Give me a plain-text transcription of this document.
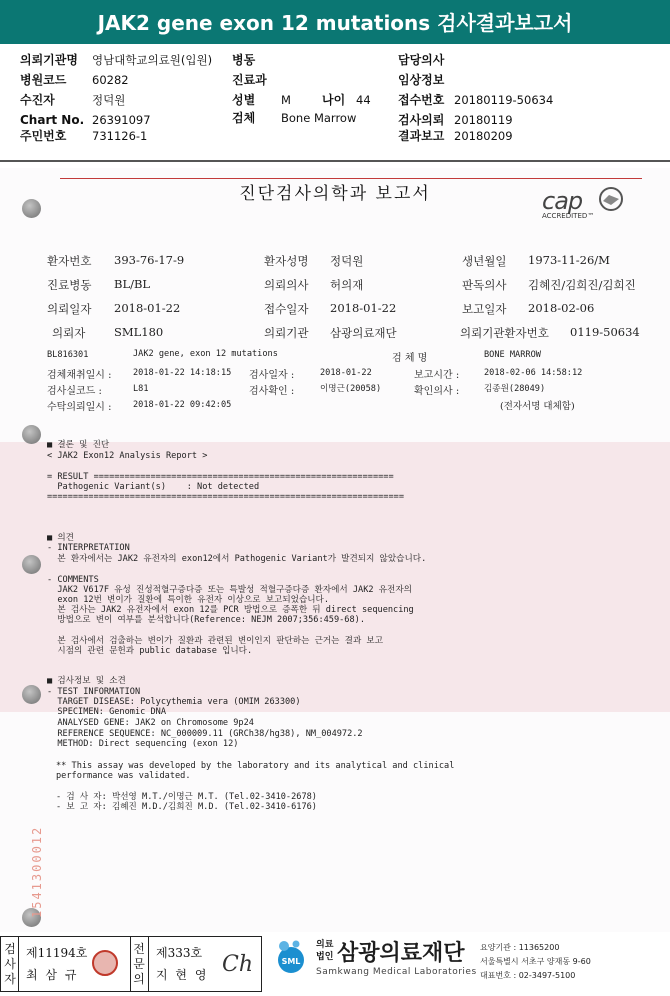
JAK2 gene exon 12 mutations 검사결과보고서
의뢰기관명 영남대학교의료원(입원)
병원코드 60282
수진자	정덕원
Chart No. 26391097
주민번호 731126-1
병동
진료과
성별 M	나이 44
검체 Bone Marrow
담당의사
임상정보
접수번호 20180119-50634
검사의뢰 20180119
결과보고 20180209
진단검사의학과 보고서	cap
ACCREDITED™
환자번호 393-76-17-9	환자성명 정덕원	생년월일 1973-11-26/M
진료병동 BL/BL	의뢰의사 허의재	판독의사 김혜진/김희진/김희진
의뢰일자 2018-01-22	접수일자 2018-01-22	보고일자 2018-02-06
의뢰자 SML180	의뢰기관 삼광의료재단	의뢰기관환자번호 0119-50634
BL816301	JAK2 gene, exon 12 mutations	검 체 명	BONE MARROW
검체채취일시 : 2018-01-22 14:18:15 검사일자 :	2018-01-22	보고시간 :	2018-02-06 14:58:12
검사실코드 :	L81	검사확인 :	이명근(20058)	확인의사 :	김종원(28049)
수탁의뢰일시 : 2018-01-22 09:42:05	(전자서명 대체함)
■ 결론 및 진단
< JAK2 Exon12 Analysis Report >
= RESULT ==========================================================
Pathogenic Variant(s)    : Not detected
=====================================================================
■ 의견
- INTERPRETATION
본 환자에서는 JAK2 유전자의 exon12에서 Pathogenic Variant가 발견되지 않았습니다.
- COMMENTS
JAK2 V617F 유성 진성적혈구증다증 또는 특발성 적혈구증다증 환자에서 JAK2 유전자의
exon 12번 변이가 질환에 특이한 유전자 이상으로 보고되었습니다.
본 검사는 JAK2 유전자에서 exon 12를 PCR 방법으로 증폭한 뒤 direct sequencing
방법으로 변이 여부를 분석합니다(Reference: NEJM 2007;356:459-68).
본 검사에서 검출하는 변이가 질환과 관련된 변이인지 판단하는 근거는 결과 보고
시점의 관련 문헌과 public database 입니다.
■ 검사정보 및 소견
- TEST INFORMATION
TARGET DISEASE: Polycythemia vera (OMIM 263300)
SPECIMEN: Genomic DNA
ANALYSED GENE: JAK2 on Chromosome 9p24
REFERENCE SEQUENCE: NC_000009.11 (GRCh38/hg38), NM_004972.2
METHOD: Direct sequencing (exon 12)
** This assay was developed by the laboratory and its analytical and clinical
performance was validated.
- 검 사 자: 박선영 M.T./이명근 M.T. (Tel.02-3410-2678)
- 보 고 자: 김혜진 M.D./김희진 M.D. (Tel.02-3410-6176)
1541300012
검사자
제11194호
최 삼 규
전문의
제333호
지 현 영 Ch	SML
의료
법인 삼광의료재단
Samkwang Medical Laboratories
요양기관 : 11365200
서울특별시 서초구 양재동 9-60
대표번호 : 02-3497-5100
